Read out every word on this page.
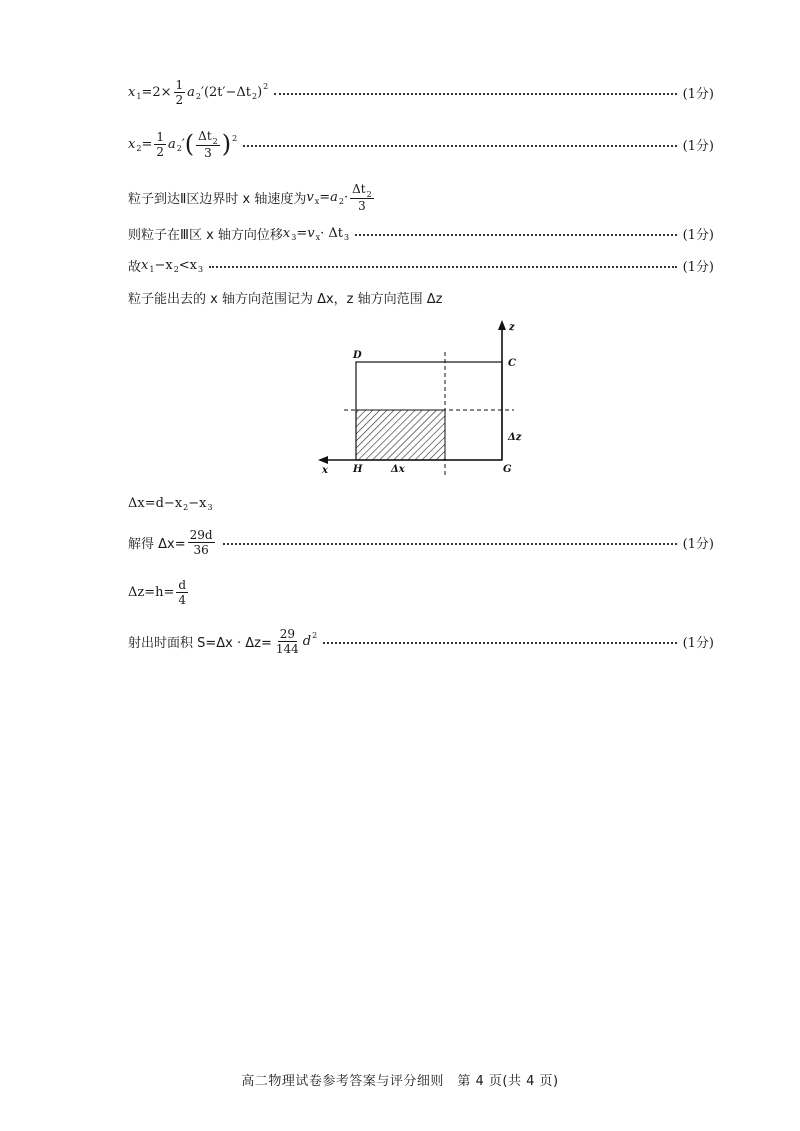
x $1 =2\times \frac{1}{2}$ a 2 ′ (2t′−Δt 2 ) 2
(1分)
x $2 = \frac{1}{2}$ a 2 ′ ( $\frac{\Delta t_2}{3}$ ) 2
(1分)
粒子到达Ⅱ区边界时 x 轴速度为 v x = a $2 \cdot \frac{\Delta t_2}{3}$
则粒子在Ⅲ区 x 轴方向位移 x 3 = v x · Δt 3	(1分)
故 x 1 −x 2 <x 3	(1分)
粒子能出去的 x 轴方向范围记为 Δx，z 轴方向范围 Δz
z
x
D
C
H	G
Δx
Δz
Δx=d−x 2 −x 3
解得 $\Delta x= \frac{29d}{36}$	(1分)
$\Delta z=h= \frac{d}{4}$
射出时面积 $S=\Delta x \cdot \Delta z= \frac{29}{144}$ d 2
(1分)
高二物理试卷参考答案与评分细则　第 4 页(共 4 页)
